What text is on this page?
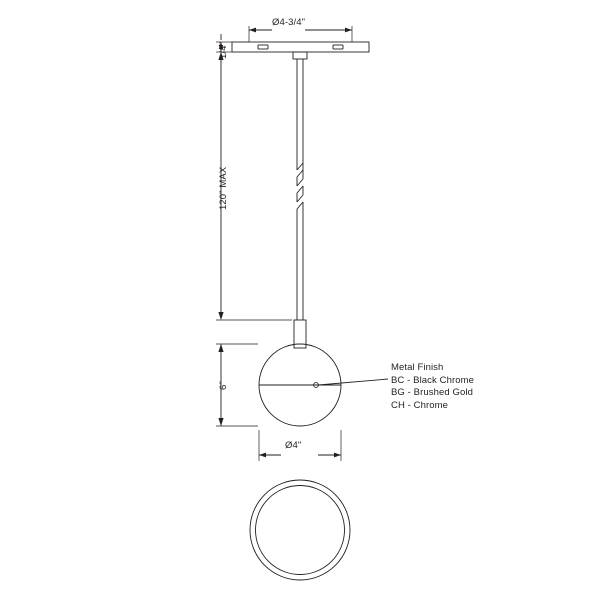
Ø4-3/4"
1/4"
120" MAX
6"
Ø4"
Metal Finish
BC - Black Chrome
BG - Brushed Gold
CH - Chrome
